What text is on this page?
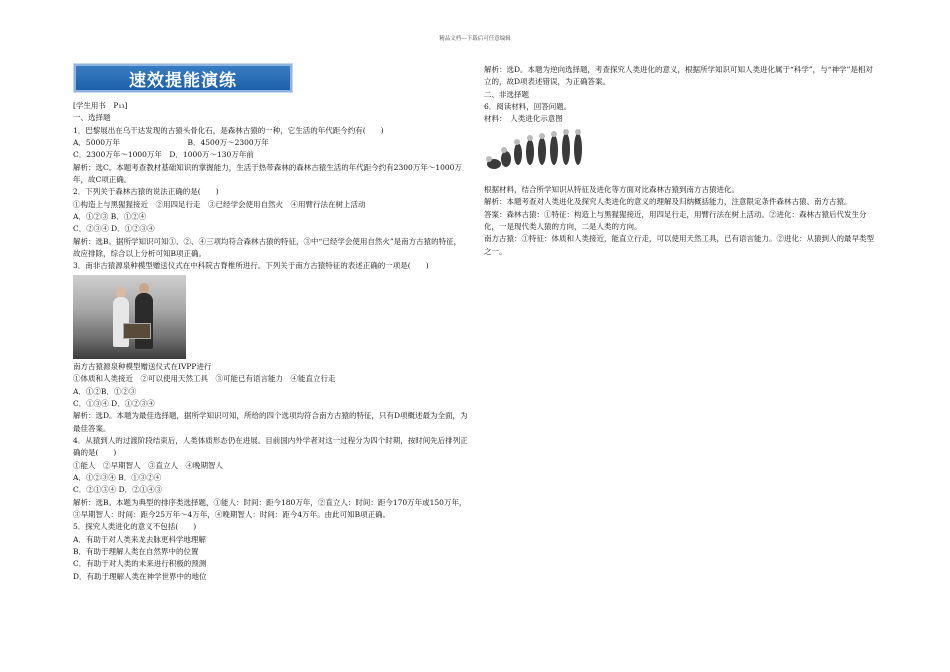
精品文档---下载后可任意编辑
速效提能演练

[学生用书　P₁₃]

一、选择题

1．巴黎展出在乌干达发现的古猿头骨化石，是森林古猿的一种，它生活的年代距今约有(　　)

A．5000万年　　　　　　　　　B．4500万～2300万年

C．2300万年～1000万年　D．1000万～130万年前

解析：选C。本题考查教材基础知识的掌握能力，生活于热带森林的森林古猿生活的年代距今约有2300万年～1000万年，故C项正确。

2．下列关于森林古猿的说法正确的是(　　)

①构造上与黑猩猩接近　②用四足行走　③已经学会使用自然火　④用臂行法在树上活动

A．①②③ B．①②④

C．②③④ D．①②③④

解析：选B。据所学知识可知①、②、④三项均符合森林古猿的特征，③中“已经学会使用自然火”是南方古猿的特征，故应排除，综合以上分析可知B项正确。

3．南非古猿源泉种模型赠送仪式在中科院古脊椎所进行。下列关于南方古猿特征的表述正确的一项是(　　)

南方古猿源泉种模型赠送仪式在IVPP进行

①体质和人类接近　②可以使用天然工具　③可能已有语言能力　④能直立行走

A．①②B．①②③

C．①③④ D．①②③④

解析：选D。本题为最佳选择题，据所学知识可知，所给的四个选项均符合南方古猿的特征，只有D项概述最为全面，为最佳答案。

4．从猿到人的过渡阶段结束后，人类体质形态仍在进展。目前国内外学者对这一过程分为四个时期，按时间先后排列正确的是(　　)

①能人　②早期智人　③直立人　④晚期智人

A．①②③④ B．①③②④

C．②①③④ D．②①④③

解析：选B。本题为典型的排序类选择题，①能人：时间：距今180万年，②直立人：时间：距今170万年或150万年，③早期智人：时间：距今25万年～4万年，④晚期智人：时间：距今4万年。由此可知B项正确。

5．探究人类进化的意义不包括(　　)

A．有助于对人类来龙去脉更科学地理解

B．有助于理解人类在自然界中的位置

C．有助于对人类的未来进行积极的预测

D．有助于理解人类在神学世界中的地位

解析：选D。本题为逆向选择题，考查探究人类进化的意义，根据所学知识可知人类进化属于“科学”，与“神学”是相对立的，故D项表述错误，为正确答案。

二、非选择题

6．阅读材料，回答问题。

材料：　人类进化示意图

根据材料，结合所学知识从特征及进化等方面对比森林古猿到南方古猿进化。

解析：本题考查对人类进化及探究人类进化的意义的理解及归纳概括能力，注意限定条件森林古猿、南方古猿。

答案：森林古猿：①特征：构造上与黑猩猩接近，用四足行走，用臂行法在树上活动。②进化：森林古猿后代发生分化，一是现代类人猿的方向，二是人类的方向。

南方古猿：①特征：体质和人类接近，能直立行走，可以使用天然工具，已有语言能力。②进化：从猿到人的最早类型之一。
